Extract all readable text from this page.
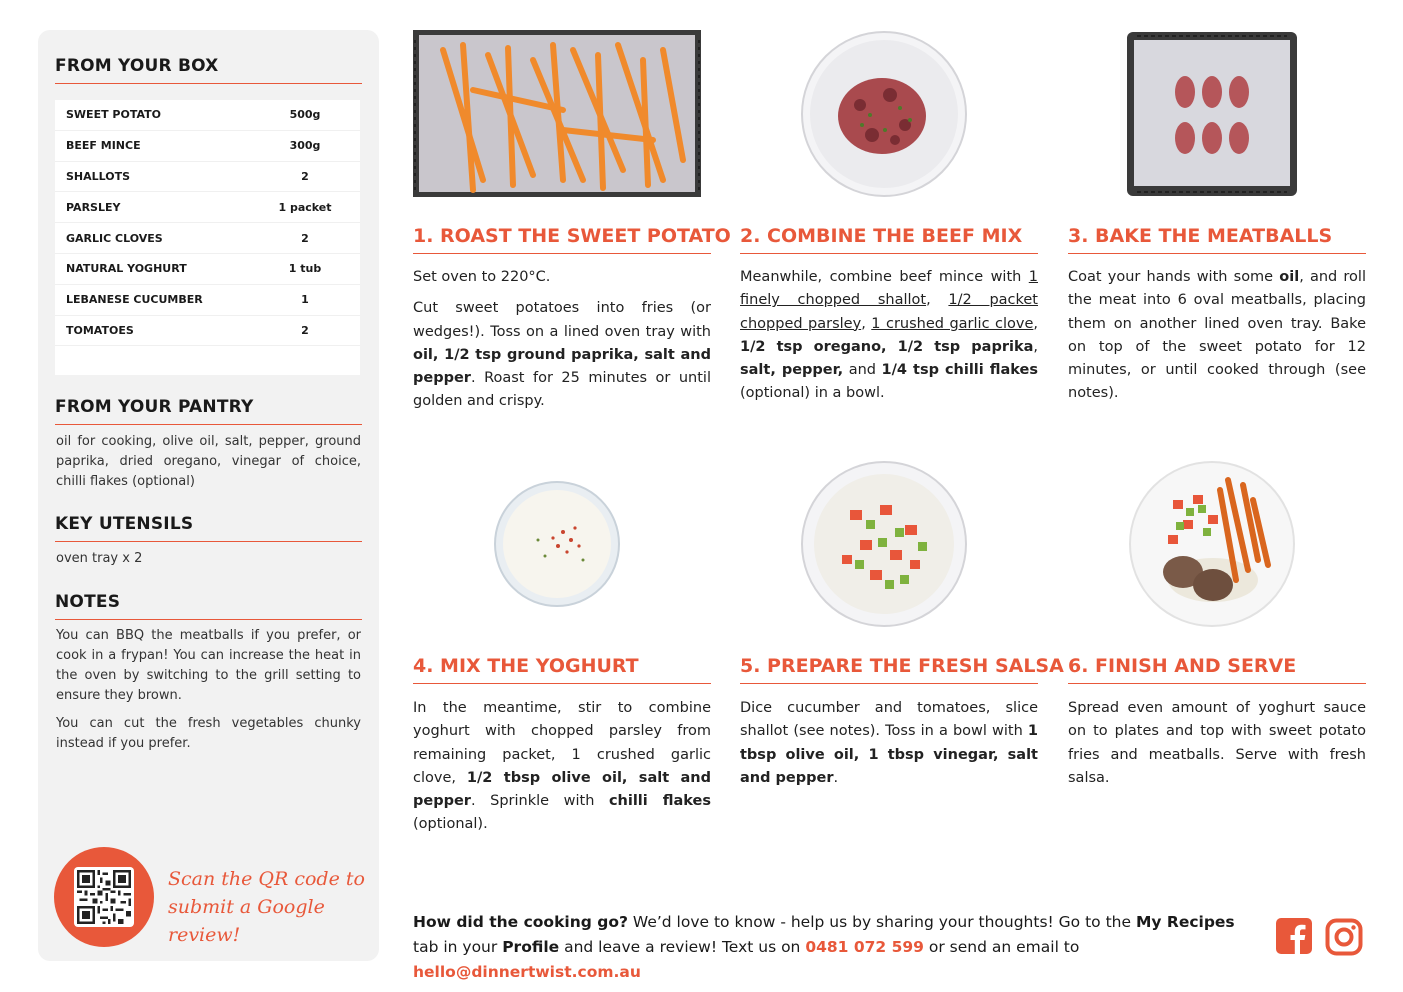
FROM YOUR BOX
SWEET POTATO	500g
BEEF MINCE	300g
SHALLOTS	2
PARSLEY	1 packet
GARLIC CLOVES	2
NATURAL YOGHURT	1 tub
LEBANESE CUCUMBER	1
TOMATOES	2
FROM YOUR PANTRY
oil for cooking, olive oil, salt, pepper, ground paprika, dried oregano, vinegar of choice, chilli flakes (optional)
KEY UTENSILS
oven tray x 2
NOTES

You can BBQ the meatballs if you prefer, or cook in a frypan! You can increase the heat in the oven by switching to the grill setting to ensure they brown.

You can cut the fresh vegetables chunky instead if you prefer.

Scan the QR code to
submit a Google review!
1. ROAST THE SWEET POTATO

Set oven to 220°C.

Cut sweet potatoes into fries (or wedges!). Toss on a lined oven tray with oil, 1/2 tsp ground paprika, salt and pepper. Roast for 25 minutes or until golden and crispy.

2. COMBINE THE BEEF MIX

Meanwhile, combine beef mince with 1 finely chopped shallot, 1/2 packet chopped parsley, 1 crushed garlic clove, 1/2 tsp oregano, 1/2 tsp paprika, salt, pepper, and 1/4 tsp chilli flakes (optional) in a bowl.

3. BAKE THE MEATBALLS

Coat your hands with some oil, and roll the meat into 6 oval meatballs, placing them on another lined oven tray. Bake on top of the sweet potato for 12 minutes, or until cooked through (see notes).

4. MIX THE YOGHURT

In the meantime, stir to combine yoghurt with chopped parsley from remaining packet, 1 crushed garlic clove, 1/2 tbsp olive oil, salt and pepper. Sprinkle with chilli flakes (optional).

5. PREPARE THE FRESH SALSA

Dice cucumber and tomatoes, slice shallot (see notes). Toss in a bowl with 1 tbsp olive oil, 1 tbsp vinegar, salt and pepper.

6. FINISH AND SERVE

Spread even amount of yoghurt sauce on to plates and top with sweet potato fries and meatballs. Serve with fresh salsa.

How did the cooking go? We’d love to know - help us by sharing your thoughts! Go to the My Recipes tab in your Profile and leave a review! Text us on 0481 072 599 or send an email to hello@dinnertwist.com.au
